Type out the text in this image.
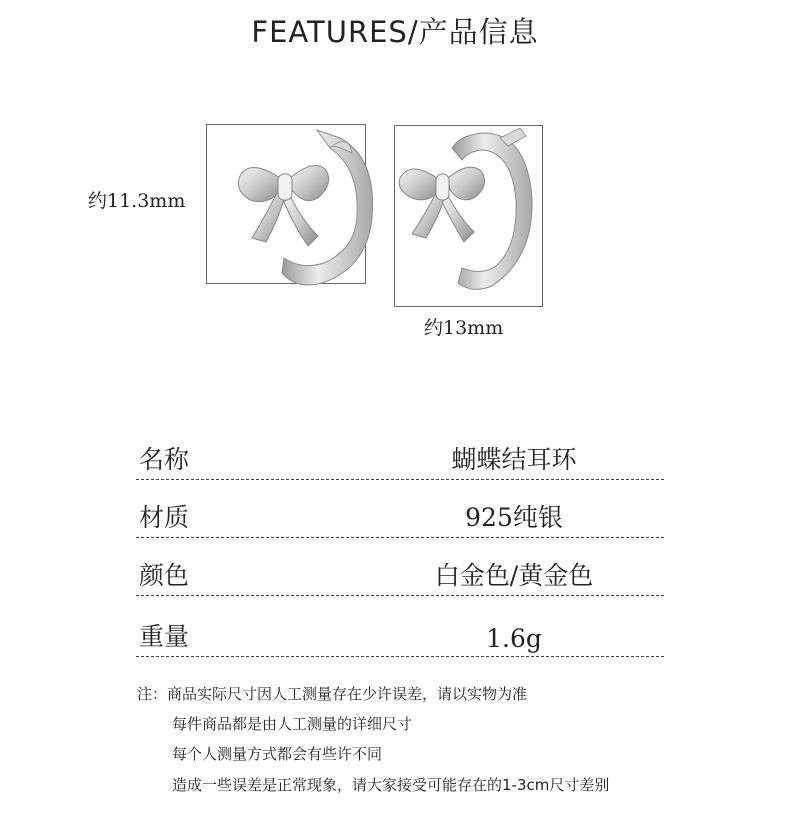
FEATURES/产品信息
约11.3mm
约13mm
名称	蝴蝶结耳环
材质	925纯银
颜色	白金色/黄金色
重量	1.6g
注：商品实际尺寸因人工测量存在少许误差，请以实物为准
每件商品都是由人工测量的详细尺寸
每个人测量方式都会有些许不同
造成一些误差是正常现象，请大家接受可能存在的1-3cm尺寸差别
